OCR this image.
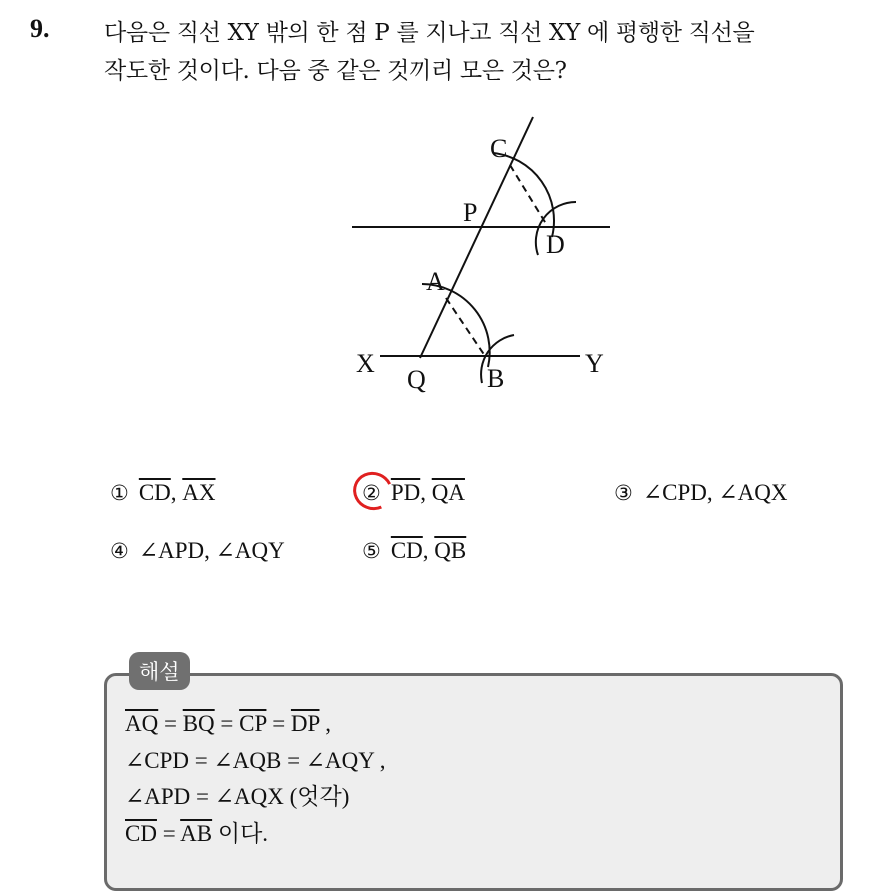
9. 다음은 직선 XY 밖의 한 점 P 를 지나고 직선 XY 에 평행한 직선을
작도한 것이다. 다음 중 같은 것끼리 모은 것은?
C
P
D
A
X
Q B
Y
① $\overline{CD}$, $\overline{AX}$	② $\overline{PD}$, $\overline{QA}$	③ ∠CPD, ∠AQX
④ ∠APD, ∠AQY	⑤ $\overline{CD}$, $\overline{QB}$
해설
$\overline{AQ} = \overline{BQ} = \overline{CP} = \overline{DP}$ ,
∠CPD = ∠AQB = ∠AQY ,
∠APD = ∠AQX (엇각)
$\overline{CD} = \overline{AB}$ 이다.
